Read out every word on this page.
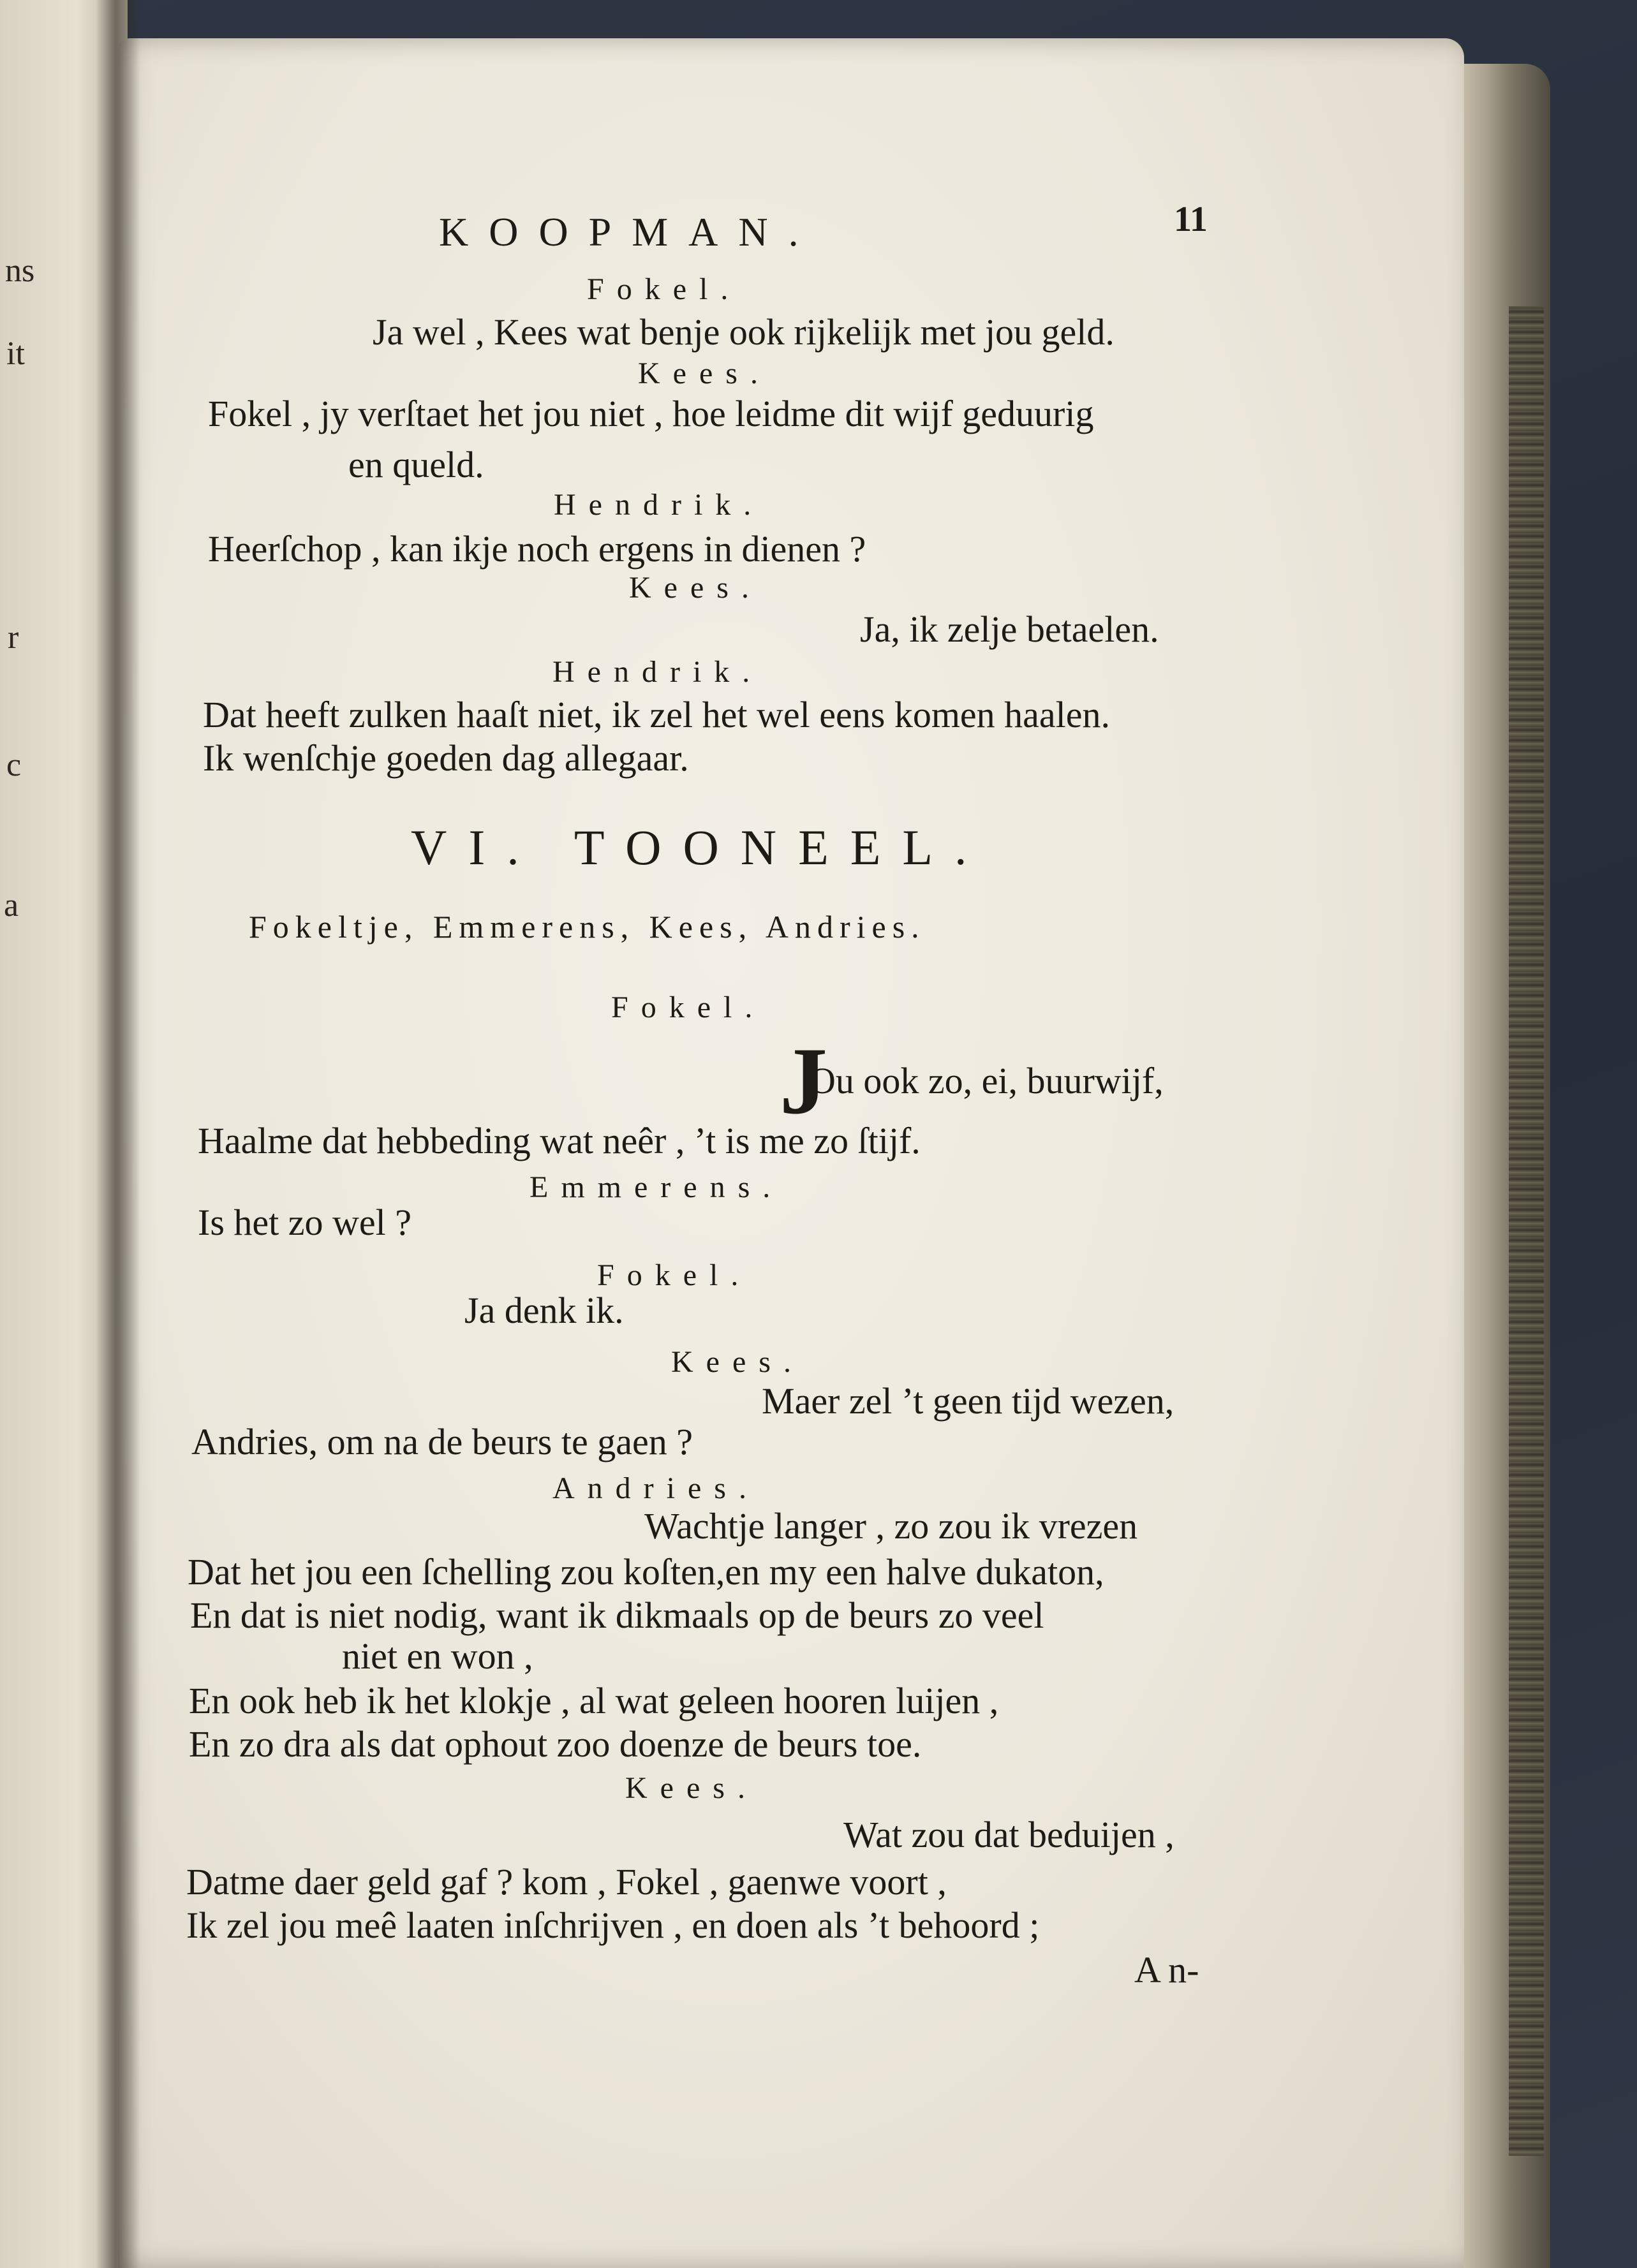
ns
it
r
c
a
KOOPMAN.	11
Fokel.
Ja wel , Kees wat benje ook rijkelijk met jou geld.
Kees.
Fokel , jy verſtaet het jou niet , hoe leidme dit wijf geduurig
en queld.
Hendrik.
Heerſchop , kan ikje noch ergens in dienen ?
Kees.
Ja, ik zelje betaelen.
Hendrik.
Dat heeft zulken haaſt niet, ik zel het wel eens komen haalen.
Ik wenſchje goeden dag allegaar.
VI. TOONEEL.
Fokeltje, Emmerens, Kees, Andries.
Fokel.
J
Ou ook zo, ei, buurwijf,
Haalme dat hebbeding wat neêr , ’t is me zo ſtijf.
Emmerens.
Is het zo wel ?
Fokel.
Ja denk ik.
Kees.
Maer zel ’t geen tijd wezen,
Andries, om na de beurs te gaen ?
Andries.
Wachtje langer , zo zou ik vrezen
Dat het jou een ſchelling zou koſten,en my een halve dukaton,
En dat is niet nodig, want ik dikmaals op de beurs zo veel
niet en won ,
En ook heb ik het klokje , al wat geleen hooren luijen ,
En zo dra als dat ophout zoo doenze de beurs toe.
Kees.
Wat zou dat beduijen ,
Datme daer geld gaf ? kom , Fokel , gaenwe voort ,
Ik zel jou meê laaten inſchrijven , en doen als ’t behoord ;
A n-
